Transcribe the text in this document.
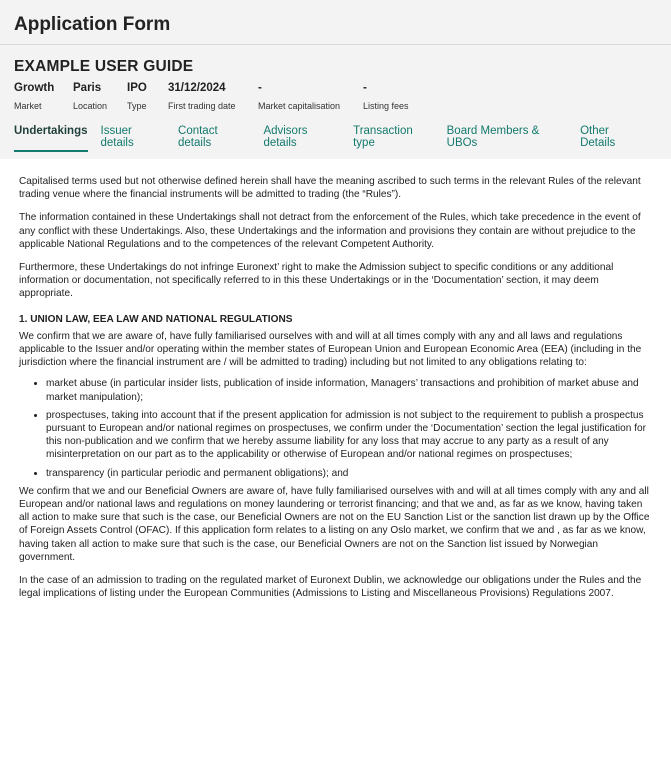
Application Form
EXAMPLE USER GUIDE
Growth
Market
Paris
Location
IPO
Type
31/12/2024
First trading date
-
Market capitalisation
-
Listing fees
Undertakings Issuer details
Contact details
Advisors details
Transaction type
Board Members & UBOs
Other Details

Capitalised terms used but not otherwise defined herein shall have the meaning ascribed to such terms in the relevant Rules of the relevant trading venue where the financial instruments will be admitted to trading (the “Rules”).

The information contained in these Undertakings shall not detract from the enforcement of the Rules, which take precedence in the event of any conflict with these Undertakings. Also, these Undertakings and the information and provisions they contain are without prejudice to the applicable National Regulations and to the competences of the relevant Competent Authority.

Furthermore, these Undertakings do not infringe Euronext’ right to make the Admission subject to specific conditions or any additional information or documentation, not specifically referred to in this these Undertakings or in the ‘Documentation’ section, it may deem appropriate.

1. UNION LAW, EEA LAW AND NATIONAL REGULATIONS

We confirm that we are aware of, have fully familiarised ourselves with and will at all times comply with any and all laws and regulations applicable to the Issuer and/or operating within the member states of European Union and European Economic Area (EEA) (including in the jurisdiction where the financial instrument are / will be admitted to trading) including but not limited to any obligations relating to:

• market abuse (in particular insider lists, publication of inside information, Managers’ transactions and prohibition of market abuse and market manipulation);
• prospectuses, taking into account that if the present application for admission is not subject to the requirement to publish a prospectus pursuant to European and/or national regimes on prospectuses, we confirm under the ‘Documentation’ section the legal justification for this non-publication and we confirm that we hereby assume liability for any loss that may accrue to any party as a result of any misinterpretation on our part as to the applicability or otherwise of European and/or national regimes on prospectuses;
• transparency (in particular periodic and permanent obligations); and

We confirm that we and our Beneficial Owners are aware of, have fully familiarised ourselves with and will at all times comply with any and all European and/or national laws and regulations on money laundering or terrorist financing; and that we and, as far as we know, having taken all action to make sure that such is the case, our Beneficial Owners are not on the EU Sanction List or the sanction list drawn up by the Office of Foreign Assets Control (OFAC). If this application form relates to a listing on any Oslo market, we confirm that we and , as far as we know, having taken all action to make sure that such is the case, our Beneficial Owners are not on the Sanction list issued by Norwegian government.

In the case of an admission to trading on the regulated market of Euronext Dublin, we acknowledge our obligations under the Rules and the legal implications of listing under the European Communities (Admissions to Listing and Miscellaneous Provisions) Regulations 2007.
